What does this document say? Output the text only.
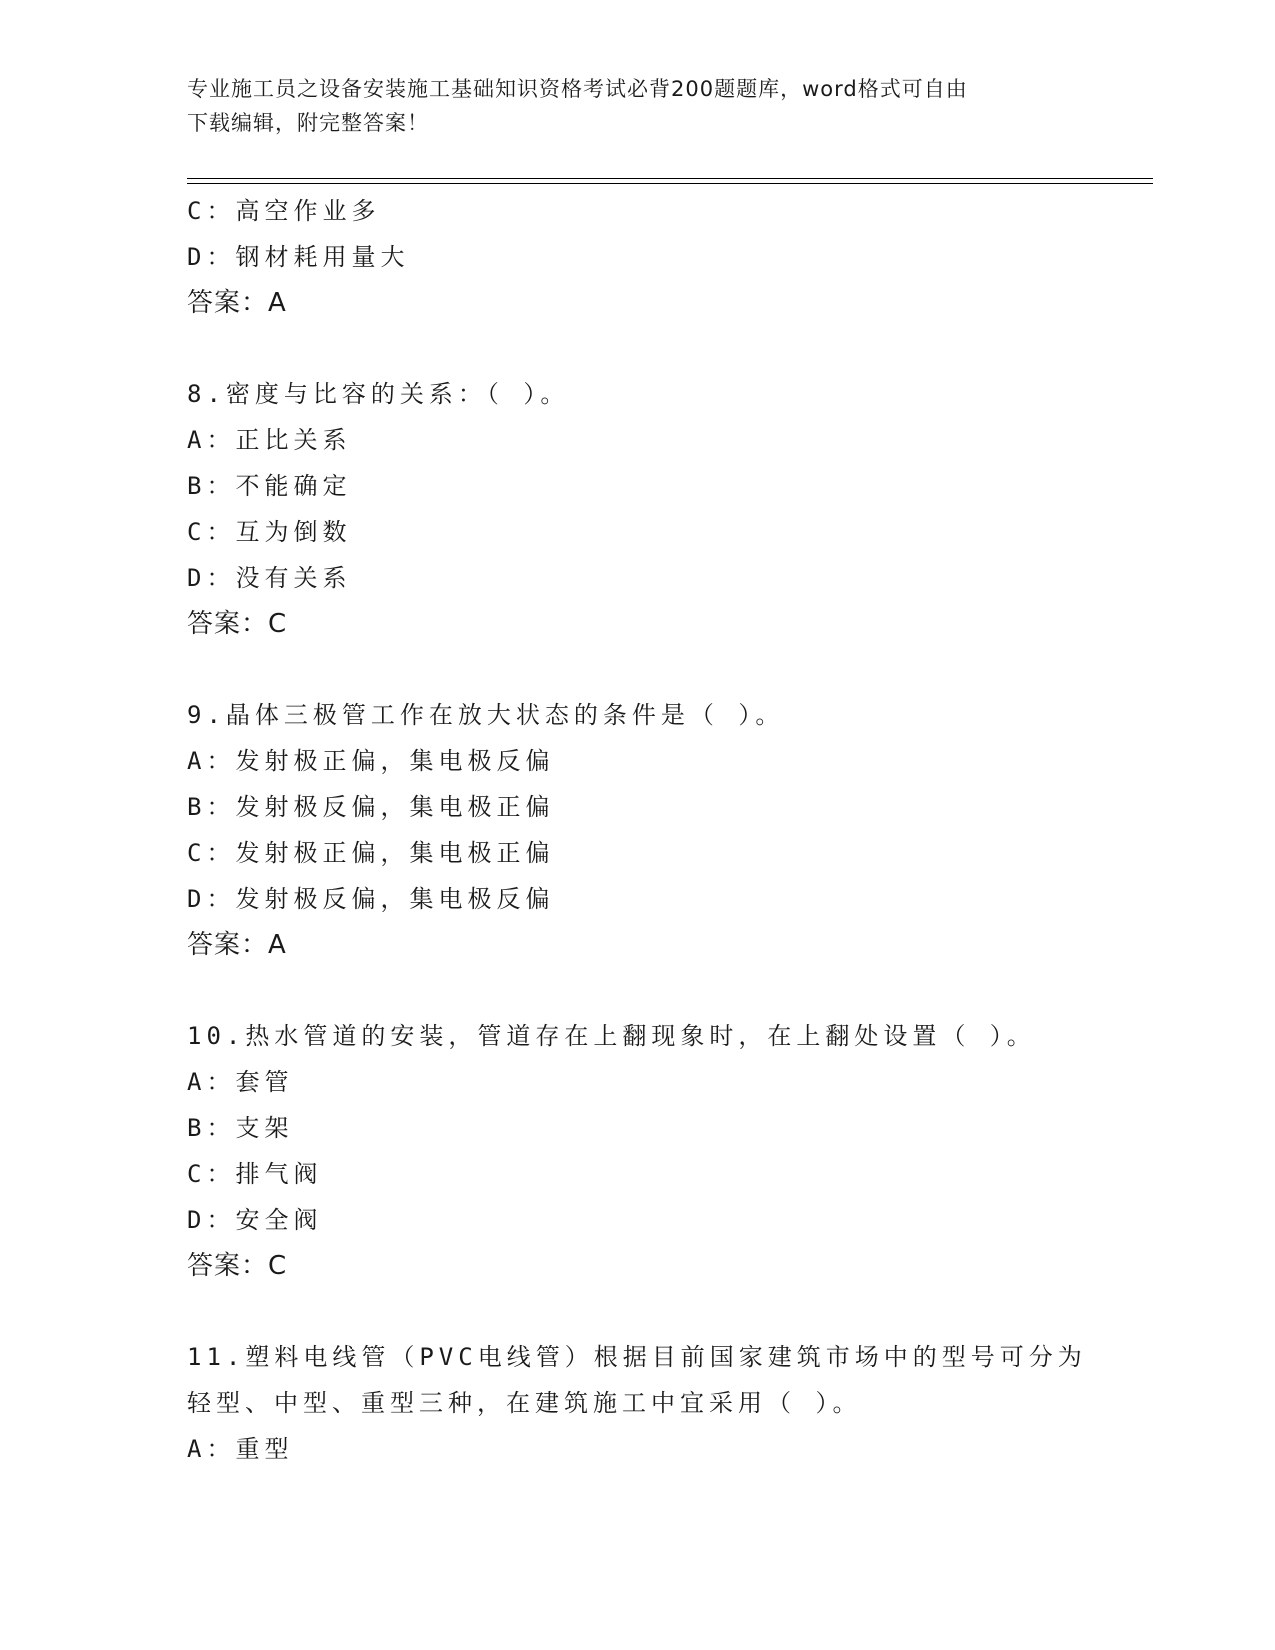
专业施工员之设备安装施工基础知识资格考试必背200题题库，word格式可自由
下载编辑，附完整答案！
C：高空作业多
D：钢材耗用量大
答案：A
8.密度与比容的关系：（ ）。
A：正比关系
B：不能确定
C：互为倒数
D：没有关系
答案：C
9.晶体三极管工作在放大状态的条件是（ ）。
A：发射极正偏，集电极反偏
B：发射极反偏，集电极正偏
C：发射极正偏，集电极正偏
D：发射极反偏，集电极反偏
答案：A
10.热水管道的安装，管道存在上翻现象时，在上翻处设置（ ）。
A：套管
B：支架
C：排气阀
D：安全阀
答案：C
11.塑料电线管（PVC电线管）根据目前国家建筑市场中的型号可分为
轻型、中型、重型三种，在建筑施工中宜采用（ ）。
A：重型
